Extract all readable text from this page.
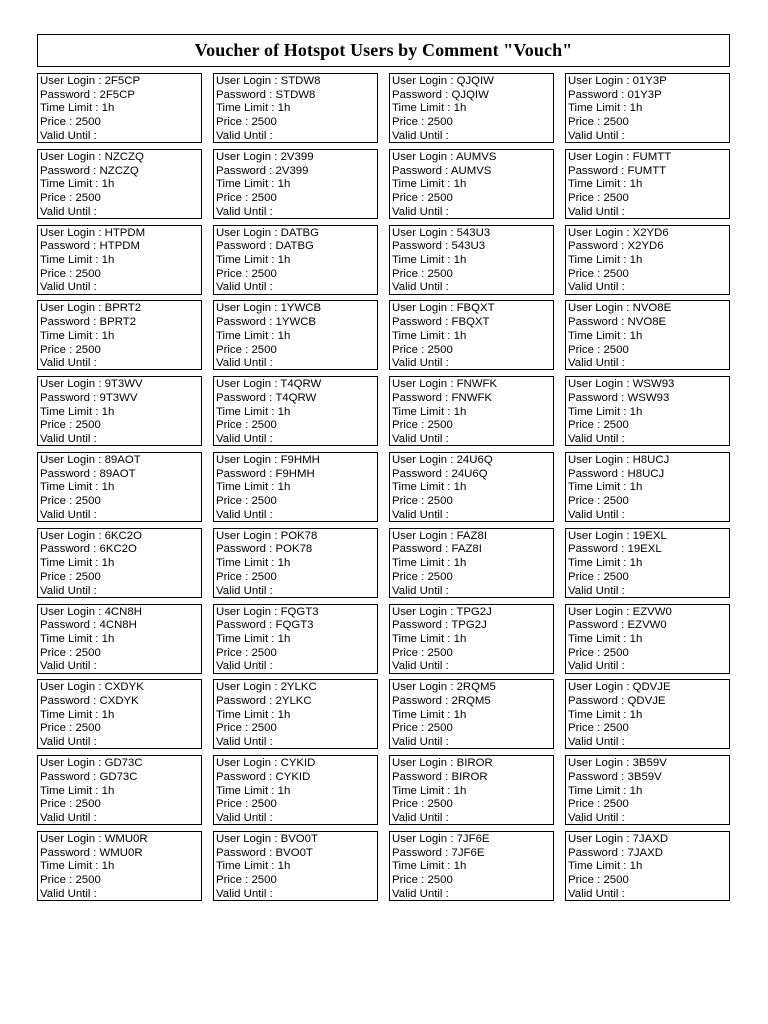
Voucher of Hotspot Users by Comment "Vouch"
User Login : 2F5CP
Password : 2F5CP
Time Limit : 1h
Price : 2500
Valid Until :
User Login : STDW8
Password : STDW8
Time Limit : 1h
Price : 2500
Valid Until :
User Login : QJQIW
Password : QJQIW
Time Limit : 1h
Price : 2500
Valid Until :
User Login : 01Y3P
Password : 01Y3P
Time Limit : 1h
Price : 2500
Valid Until :
User Login : NZCZQ
Password : NZCZQ
Time Limit : 1h
Price : 2500
Valid Until :
User Login : 2V399
Password : 2V399
Time Limit : 1h
Price : 2500
Valid Until :
User Login : AUMVS
Password : AUMVS
Time Limit : 1h
Price : 2500
Valid Until :
User Login : FUMTT
Password : FUMTT
Time Limit : 1h
Price : 2500
Valid Until :
User Login : HTPDM
Password : HTPDM
Time Limit : 1h
Price : 2500
Valid Until :
User Login : DATBG
Password : DATBG
Time Limit : 1h
Price : 2500
Valid Until :
User Login : 543U3
Password : 543U3
Time Limit : 1h
Price : 2500
Valid Until :
User Login : X2YD6
Password : X2YD6
Time Limit : 1h
Price : 2500
Valid Until :
User Login : BPRT2
Password : BPRT2
Time Limit : 1h
Price : 2500
Valid Until :
User Login : 1YWCB
Password : 1YWCB
Time Limit : 1h
Price : 2500
Valid Until :
User Login : FBQXT
Password : FBQXT
Time Limit : 1h
Price : 2500
Valid Until :
User Login : NVO8E
Password : NVO8E
Time Limit : 1h
Price : 2500
Valid Until :
User Login : 9T3WV
Password : 9T3WV
Time Limit : 1h
Price : 2500
Valid Until :
User Login : T4QRW
Password : T4QRW
Time Limit : 1h
Price : 2500
Valid Until :
User Login : FNWFK
Password : FNWFK
Time Limit : 1h
Price : 2500
Valid Until :
User Login : WSW93
Password : WSW93
Time Limit : 1h
Price : 2500
Valid Until :
User Login : 89AOT
Password : 89AOT
Time Limit : 1h
Price : 2500
Valid Until :
User Login : F9HMH
Password : F9HMH
Time Limit : 1h
Price : 2500
Valid Until :
User Login : 24U6Q
Password : 24U6Q
Time Limit : 1h
Price : 2500
Valid Until :
User Login : H8UCJ
Password : H8UCJ
Time Limit : 1h
Price : 2500
Valid Until :
User Login : 6KC2O
Password : 6KC2O
Time Limit : 1h
Price : 2500
Valid Until :
User Login : POK78
Password : POK78
Time Limit : 1h
Price : 2500
Valid Until :
User Login : FAZ8I
Password : FAZ8I
Time Limit : 1h
Price : 2500
Valid Until :
User Login : 19EXL
Password : 19EXL
Time Limit : 1h
Price : 2500
Valid Until :
User Login : 4CN8H
Password : 4CN8H
Time Limit : 1h
Price : 2500
Valid Until :
User Login : FQGT3
Password : FQGT3
Time Limit : 1h
Price : 2500
Valid Until :
User Login : TPG2J
Password : TPG2J
Time Limit : 1h
Price : 2500
Valid Until :
User Login : EZVW0
Password : EZVW0
Time Limit : 1h
Price : 2500
Valid Until :
User Login : CXDYK
Password : CXDYK
Time Limit : 1h
Price : 2500
Valid Until :
User Login : 2YLKC
Password : 2YLKC
Time Limit : 1h
Price : 2500
Valid Until :
User Login : 2RQM5
Password : 2RQM5
Time Limit : 1h
Price : 2500
Valid Until :
User Login : QDVJE
Password : QDVJE
Time Limit : 1h
Price : 2500
Valid Until :
User Login : GD73C
Password : GD73C
Time Limit : 1h
Price : 2500
Valid Until :
User Login : CYKID
Password : CYKID
Time Limit : 1h
Price : 2500
Valid Until :
User Login : BIROR
Password : BIROR
Time Limit : 1h
Price : 2500
Valid Until :
User Login : 3B59V
Password : 3B59V
Time Limit : 1h
Price : 2500
Valid Until :
User Login : WMU0R
Password : WMU0R
Time Limit : 1h
Price : 2500
Valid Until :
User Login : BVO0T
Password : BVO0T
Time Limit : 1h
Price : 2500
Valid Until :
User Login : 7JF6E
Password : 7JF6E
Time Limit : 1h
Price : 2500
Valid Until :
User Login : 7JAXD
Password : 7JAXD
Time Limit : 1h
Price : 2500
Valid Until :
